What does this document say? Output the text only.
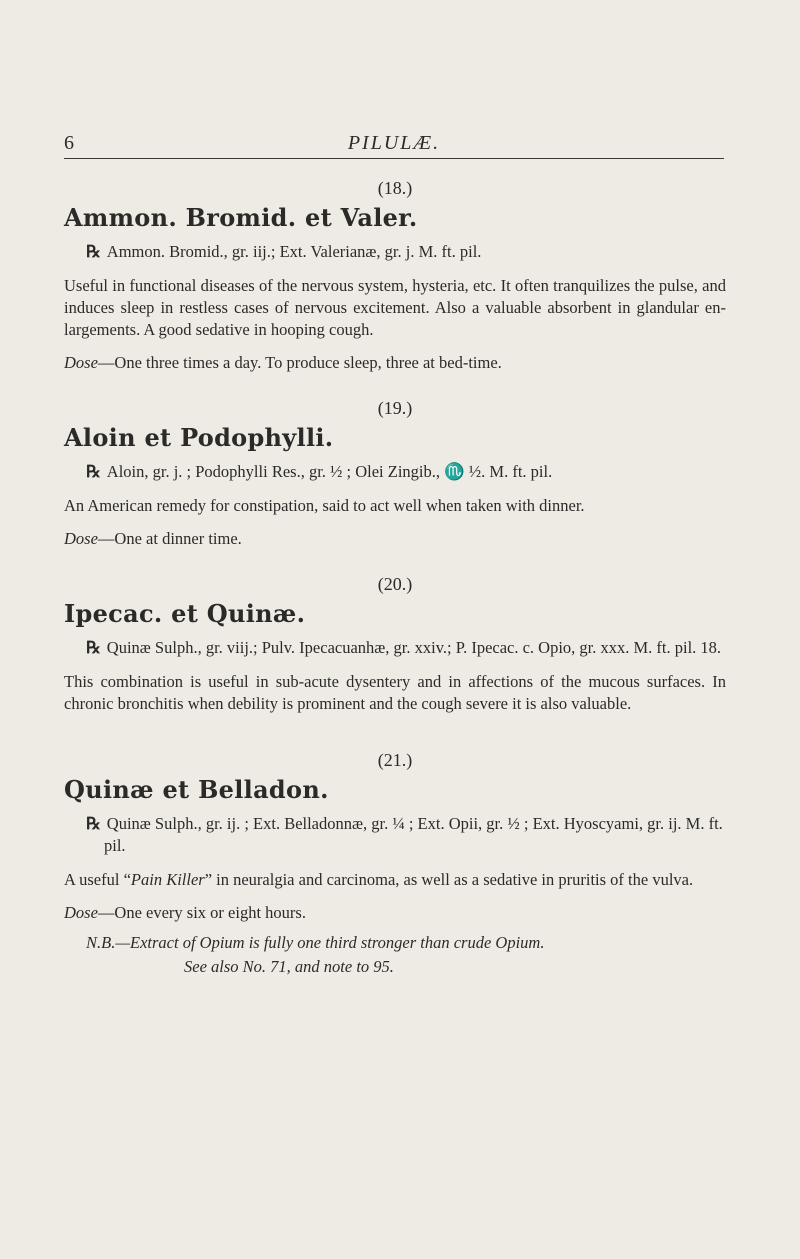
6	PILULÆ.
(18.)
Ammon. Bromid. et Valer.
℞ Ammon. Bromid., gr. iij.; Ext. Valerianæ, gr. j. M. ft. pil.
Useful in functional diseases of the nervous system, hysteria, etc. It often tranquilizes the pulse, and induces sleep in restless cases of nervous excitement. Also a valuable absorbent in glandular en-largements. A good sedative in hooping cough.
Dose—One three times a day. To produce sleep, three at bed-time.
(19.)
Aloin et Podophylli.
℞ Aloin, gr. j. ; Podophylli Res., gr. ½ ; Olei Zingib., ♏ ½. M. ft. pil.
An American remedy for constipation, said to act well when taken with dinner.
Dose—One at dinner time.
(20.)
Ipecac. et Quinæ.
℞ Quinæ Sulph., gr. viij.; Pulv. Ipecacuanhæ, gr. xxiv.; P. Ipecac. c. Opio, gr. xxx. M. ft. pil. 18.
This combination is useful in sub-acute dysentery and in affections of the mucous surfaces. In chronic bronchitis when debility is prominent and the cough severe it is also valuable.
(21.)
Quinæ et Belladon.
℞ Quinæ Sulph., gr. ij. ; Ext. Belladonnæ, gr. ¼ ; Ext. Opii, gr. ½ ; Ext. Hyoscyami, gr. ij. M. ft. pil.
A useful “Pain Killer” in neuralgia and carcinoma, as well as a sedative in pruritis of the vulva.
Dose—One every six or eight hours.
N.B.—Extract of Opium is fully one third stronger than crude Opium.
See also No. 71, and note to 95.
